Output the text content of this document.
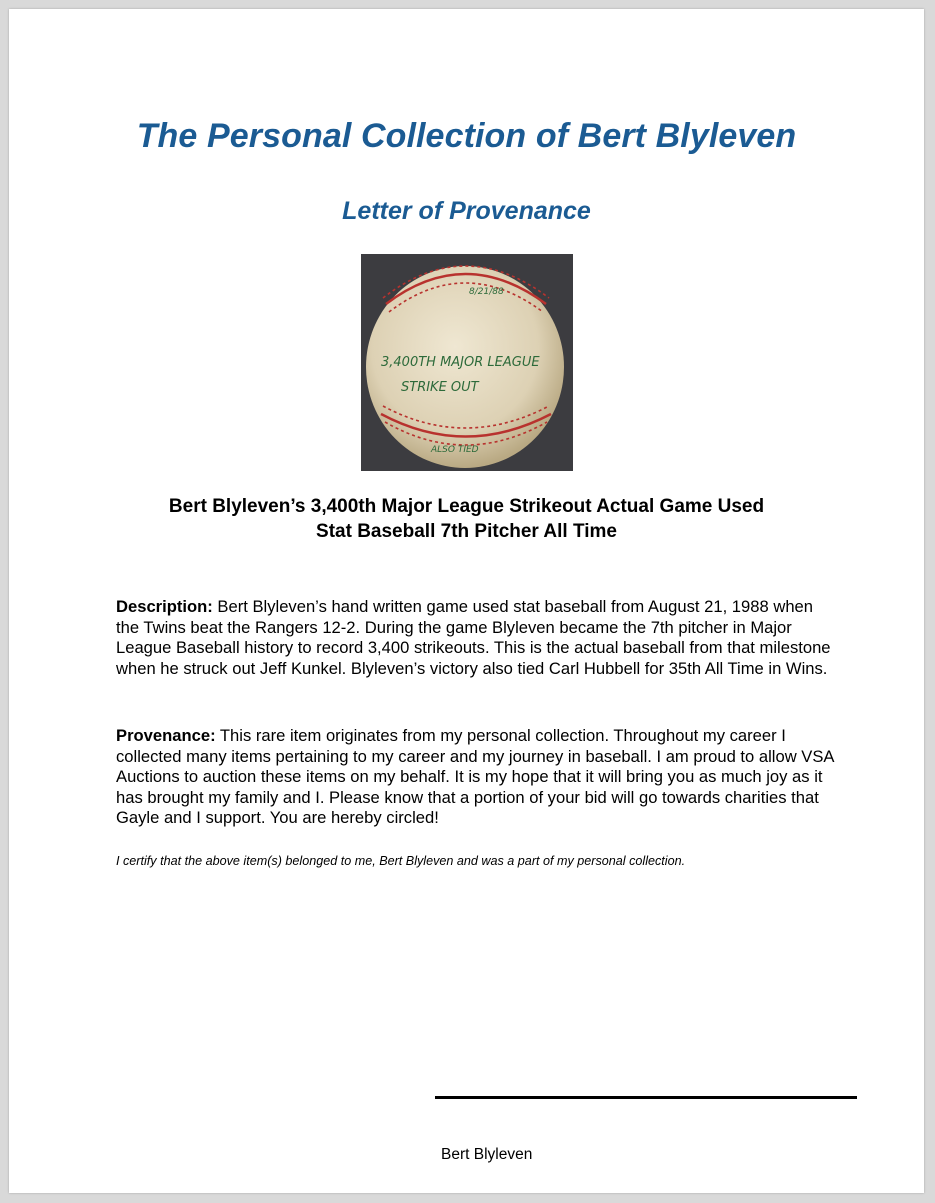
The Personal Collection of Bert Blyleven
Letter of Provenance
8/21/88
3,400TH MAJOR LEAGUE
STRIKE OUT
ALSO TIED

Bert Blyleven’s 3,400th Major League Strikeout Actual Game Used
Stat Baseball 7th Pitcher All Time

Description: Bert Blyleven’s hand written game used stat baseball from August 21, 1988 when the Twins beat the Rangers 12-2. During the game Blyleven became the 7th pitcher in Major League Baseball history to record 3,400 strikeouts. This is the actual baseball from that milestone when he struck out Jeff Kunkel. Blyleven’s victory also tied Carl Hubbell for 35th All Time in Wins.

Provenance: This rare item originates from my personal collection. Throughout my career I collected many items pertaining to my career and my journey in baseball. I am proud to allow VSA Auctions to auction these items on my behalf. It is my hope that it will bring you as much joy as it has brought my family and I. Please know that a portion of your bid will go towards charities that Gayle and I support. You are hereby circled!

I certify that the above item(s) belonged to me, Bert Blyleven and was a part of my personal collection.

Bert Blyleven
